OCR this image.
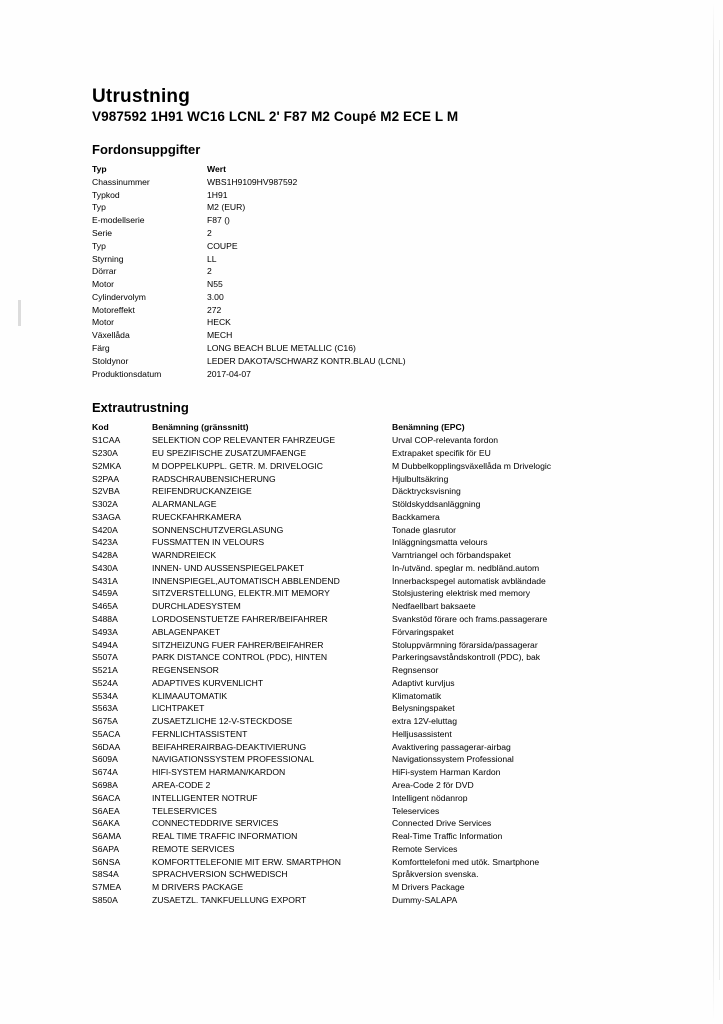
Utrustning
V987592 1H91 WC16 LCNL 2' F87 M2 Coupé M2 ECE L M
Fordonsuppgifter
Typ	Wert
Chassinummer	WBS1H9109HV987592
Typkod	1H91
Typ	M2 (EUR)
E-modellserie	F87 ()
Serie	2
Typ	COUPE
Styrning	LL
Dörrar	2
Motor	N55
Cylindervolym	3.00
Motoreffekt	272
Motor	HECK
Växellåda	MECH
Färg	LONG BEACH BLUE METALLIC (C16)
Stoldynor	LEDER DAKOTA/SCHWARZ KONTR.BLAU (LCNL)
Produktionsdatum	2017-04-07
Extrautrustning
Kod	Benämning (gränssnitt)	Benämning (EPC)
S1CAA	SELEKTION COP RELEVANTER FAHRZEUGE	Urval COP-relevanta fordon
S230A	EU SPEZIFISCHE ZUSATZUMFAENGE	Extrapaket specifik för EU
S2MKA	M DOPPELKUPPL. GETR. M. DRIVELOGIC	M Dubbelkopplingsväxellåda m Drivelogic
S2PAA	RADSCHRAUBENSICHERUNG	Hjulbultsäkring
S2VBA	REIFENDRUCKANZEIGE	Däcktrycksvisning
S302A	ALARMANLAGE	Stöldskyddsanläggning
S3AGA	RUECKFAHRKAMERA	Backkamera
S420A	SONNENSCHUTZVERGLASUNG	Tonade glasrutor
S423A	FUSSMATTEN IN VELOURS	Inläggningsmatta velours
S428A	WARNDREIECK	Varntriangel och förbandspaket
S430A	INNEN- UND AUSSENSPIEGELPAKET	In-/utvänd. speglar m. nedbländ.autom
S431A	INNENSPIEGEL,AUTOMATISCH ABBLENDEND	Innerbackspegel automatisk avbländade
S459A	SITZVERSTELLUNG, ELEKTR.MIT MEMORY	Stolsjustering elektrisk med memory
S465A	DURCHLADESYSTEM	Nedfaellbart baksaete
S488A	LORDOSENSTUETZE FAHRER/BEIFAHRER	Svankstöd förare och frams.passagerare
S493A	ABLAGENPAKET	Förvaringspaket
S494A	SITZHEIZUNG FUER FAHRER/BEIFAHRER	Stoluppvärmning förarsida/passagerar
S507A	PARK DISTANCE CONTROL (PDC), HINTEN	Parkeringsavståndskontroll (PDC), bak
S521A	REGENSENSOR	Regnsensor
S524A	ADAPTIVES KURVENLICHT	Adaptivt kurvljus
S534A	KLIMAAUTOMATIK	Klimatomatik
S563A	LICHTPAKET	Belysningspaket
S675A	ZUSAETZLICHE 12-V-STECKDOSE	extra 12V-eluttag
S5ACA	FERNLICHTASSISTENT	Helljusassistent
S6DAA	BEIFAHRERAIRBAG-DEAKTIVIERUNG	Avaktivering passagerar-airbag
S609A	NAVIGATIONSSYSTEM PROFESSIONAL	Navigationssystem Professional
S674A	HIFI-SYSTEM HARMAN/KARDON	HiFi-system Harman Kardon
S698A	AREA-CODE 2	Area-Code 2 för DVD
S6ACA	INTELLIGENTER NOTRUF	Intelligent nödanrop
S6AEA	TELESERVICES	Teleservices
S6AKA	CONNECTEDDRIVE SERVICES	Connected Drive Services
S6AMA	REAL TIME TRAFFIC INFORMATION	Real-Time Traffic Information
S6APA	REMOTE SERVICES	Remote Services
S6NSA	KOMFORTTELEFONIE MIT ERW. SMARTPHON	Komforttelefoni med utök. Smartphone
S8S4A	SPRACHVERSION SCHWEDISCH	Språkversion svenska.
S7MEA	M DRIVERS PACKAGE	M Drivers Package
S850A	ZUSAETZL. TANKFUELLUNG EXPORT	Dummy-SALAPA
